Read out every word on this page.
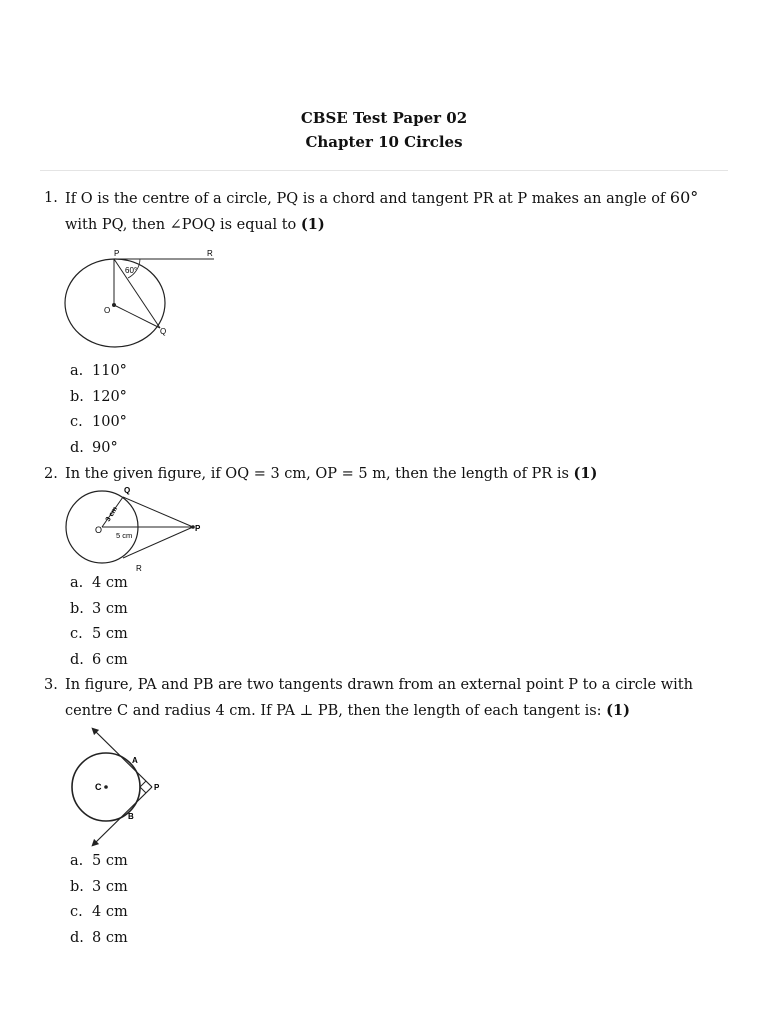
CBSE Test Paper 02
Chapter 10 Circles
1. If O is the centre of a circle, PQ is a chord and tangent PR at P makes an angle of 60°  with PQ, then ∠POQ is equal to (1)
P	R
O
Q
60°
a. 110°
b. 120°
c. 100°
d. 90°
2. In the given figure, if OQ = 3 cm, OP = 5 m, then the length of PR is (1)
Q
O	P
R
3 cm
5 cm
a. 4 cm
b. 3 cm
c. 5 cm
d. 6 cm
3. In figure, PA and PB are two tangents drawn from an external point P to a circle with
centre C and radius 4 cm. If PA ⊥ PB, then the length of each tangent is: (1)
A
B
C	P
a. 5 cm
b. 3 cm
c. 4 cm
d. 8 cm
